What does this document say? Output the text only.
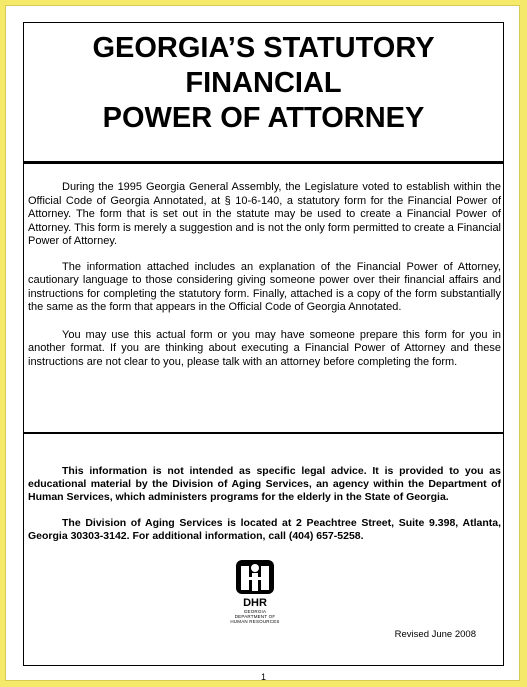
GEORGIA’S STATUTORY
FINANCIAL
POWER OF ATTORNEY

During the 1995 Georgia General Assembly, the Legislature voted to establish within the Official Code of Georgia Annotated, at § 10-6-140, a statutory form for the Financial Power of Attorney. The form that is set out in the statute may be used to create a Financial Power of Attorney. This form is merely a suggestion and is not the only form permitted to create a Financial Power of Attorney.

The information attached includes an explanation of the Financial Power of Attorney, cautionary language to those considering giving someone power over their financial affairs and instructions for completing the statutory form. Finally, attached is a copy of the form substantially the same as the form that appears in the Official Code of Georgia Annotated.

You may use this actual form or you may have someone prepare this form for you in another format. If you are thinking about executing a Financial Power of Attorney and these instructions are not clear to you, please talk with an attorney before completing the form.

This information is not intended as specific legal advice. It is provided to you as educational material by the Division of Aging Services, an agency within the Department of Human Services, which administers programs for the elderly in the State of Georgia.

The Division of Aging Services is located at 2 Peachtree Street, Suite 9.398, Atlanta, Georgia 30303-3142. For additional information, call (404) 657-5258.

DHR
GEORGIA
DEPARTMENT OF
HUMAN RESOURCES
Revised June 2008
1
